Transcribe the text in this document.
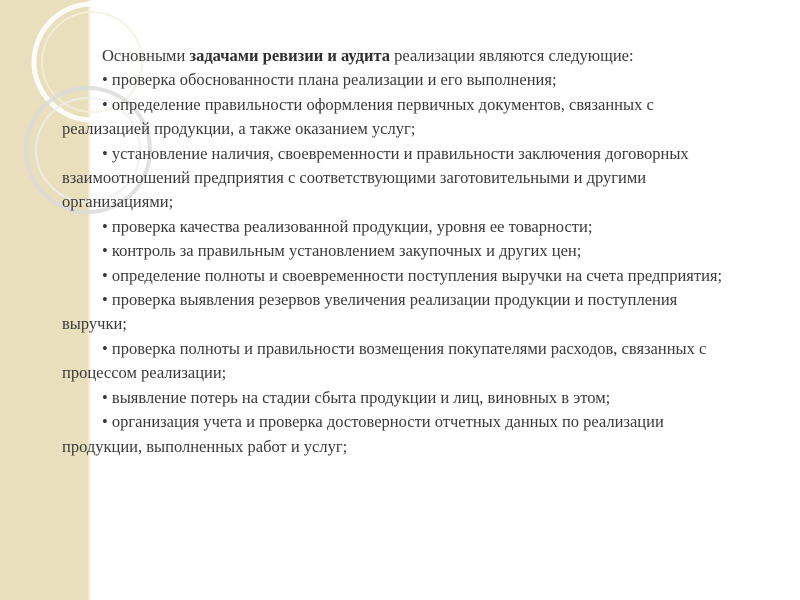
Основными задачами ревизии и аудита реализации являются следующие:

• проверка обоснованности плана реализации и его выполнения;

• определение правильности оформления первичных документов, связанных с реализацией продукции, а также оказанием услуг;

• установление наличия, своевременности и правильности заключения договорных взаимоотношений предприятия с соответствующими заготовительными и другими организациями;

• проверка качества реализованной продукции, уровня ее товарности;

• контроль за правильным установлением закупочных и других цен;

• определение полноты и своевременности поступления выручки на счета предприятия;

• проверка выявления резервов увеличения реализации продукции и поступления выручки;

• проверка полноты и правильности возмещения покупателями расходов, связанных с процессом реализации;

• выявление потерь на стадии сбыта продукции и лиц, виновных в этом;

• организация учета и проверка достоверности отчетных данных по реализации продукции, выполненных работ и услуг;
